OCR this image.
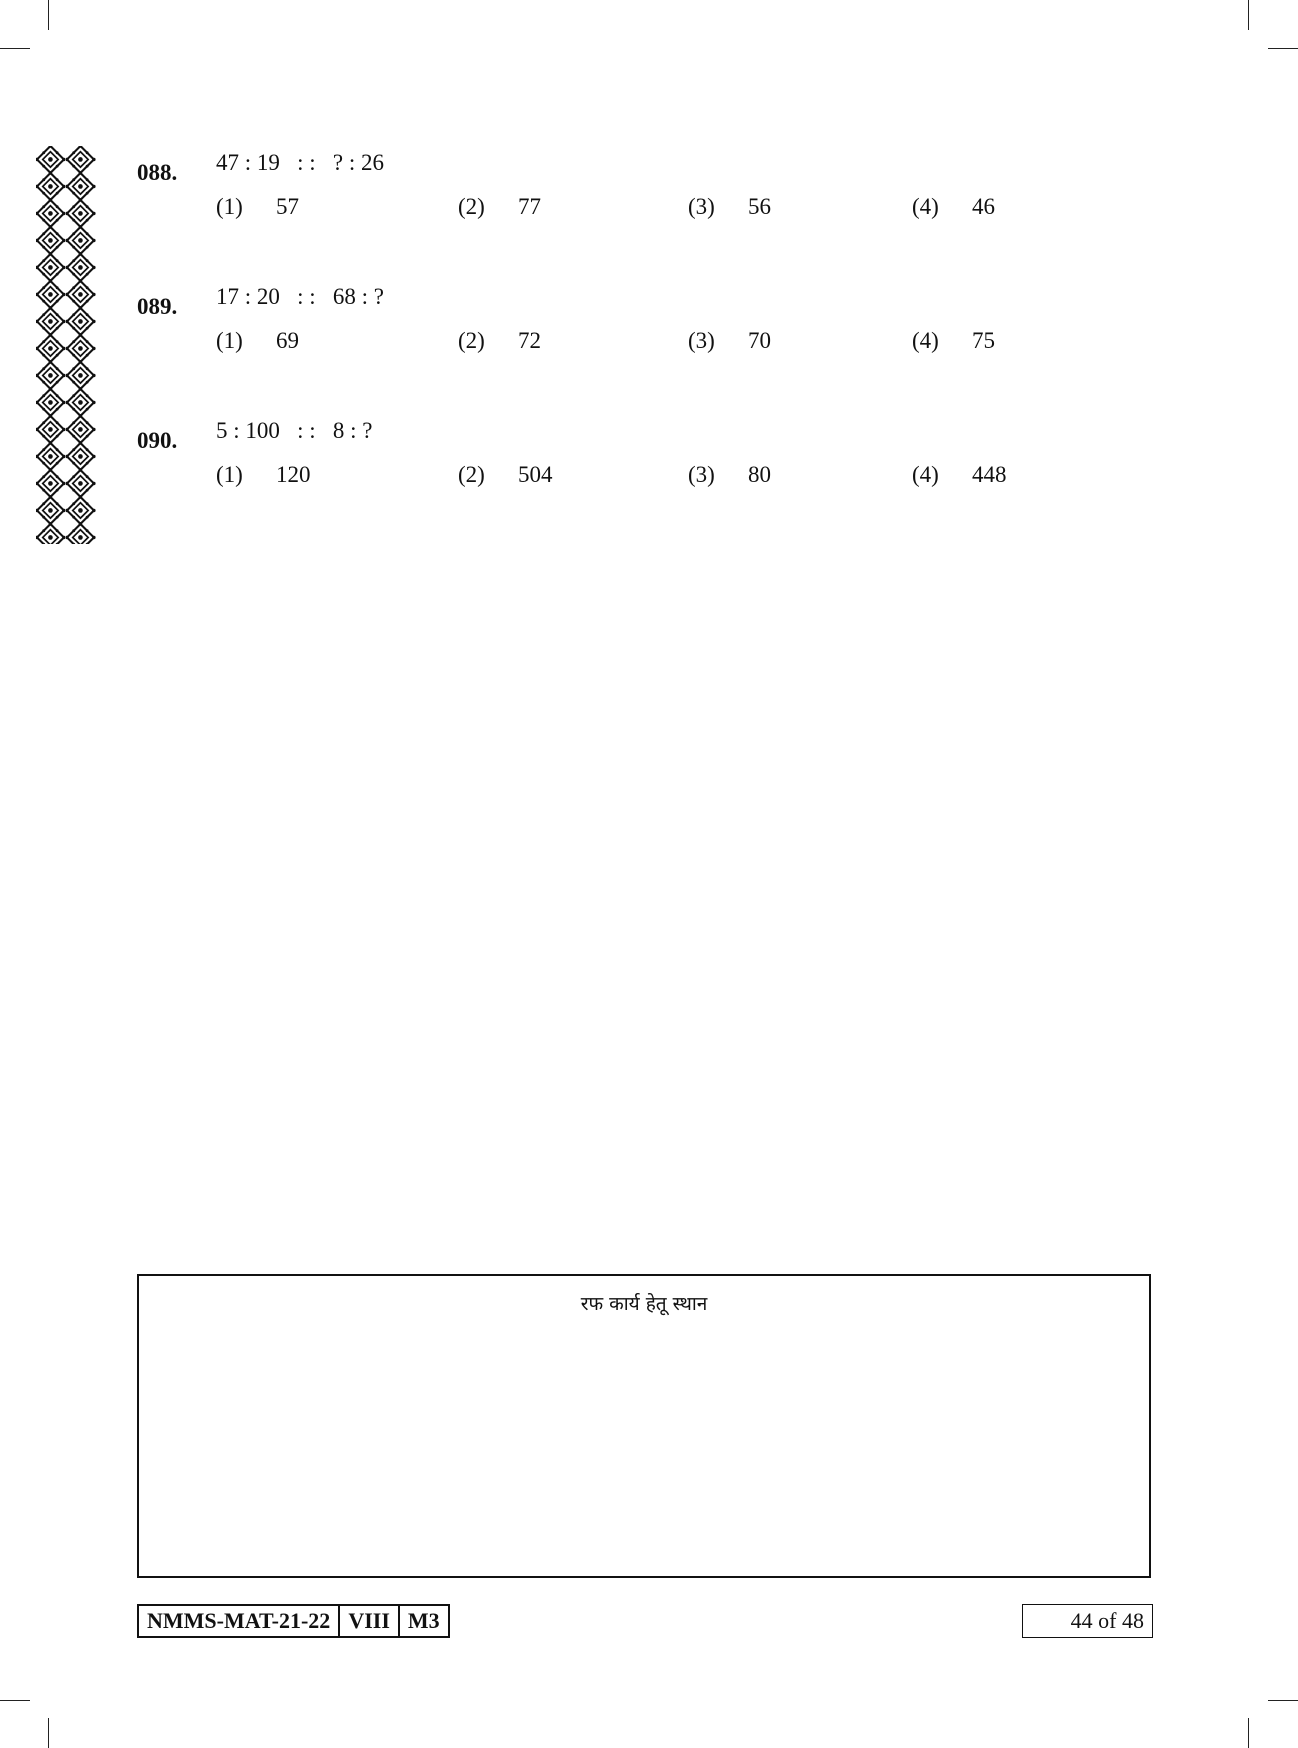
088. 47 : 19   : :   ? : 26
(1) 57	(2) 77	(3) 56	(4) 46
089. 17 : 20   : :   68 : ?
(1) 69	(2) 72	(3) 70	(4) 75
090. 5 : 100   : :   8 : ?
(1) 120	(2) 504	(3) 80	(4) 448
रफ कार्य हेतू स्थान
NMMS-MAT-21-22 VIII M3	44 of 48
